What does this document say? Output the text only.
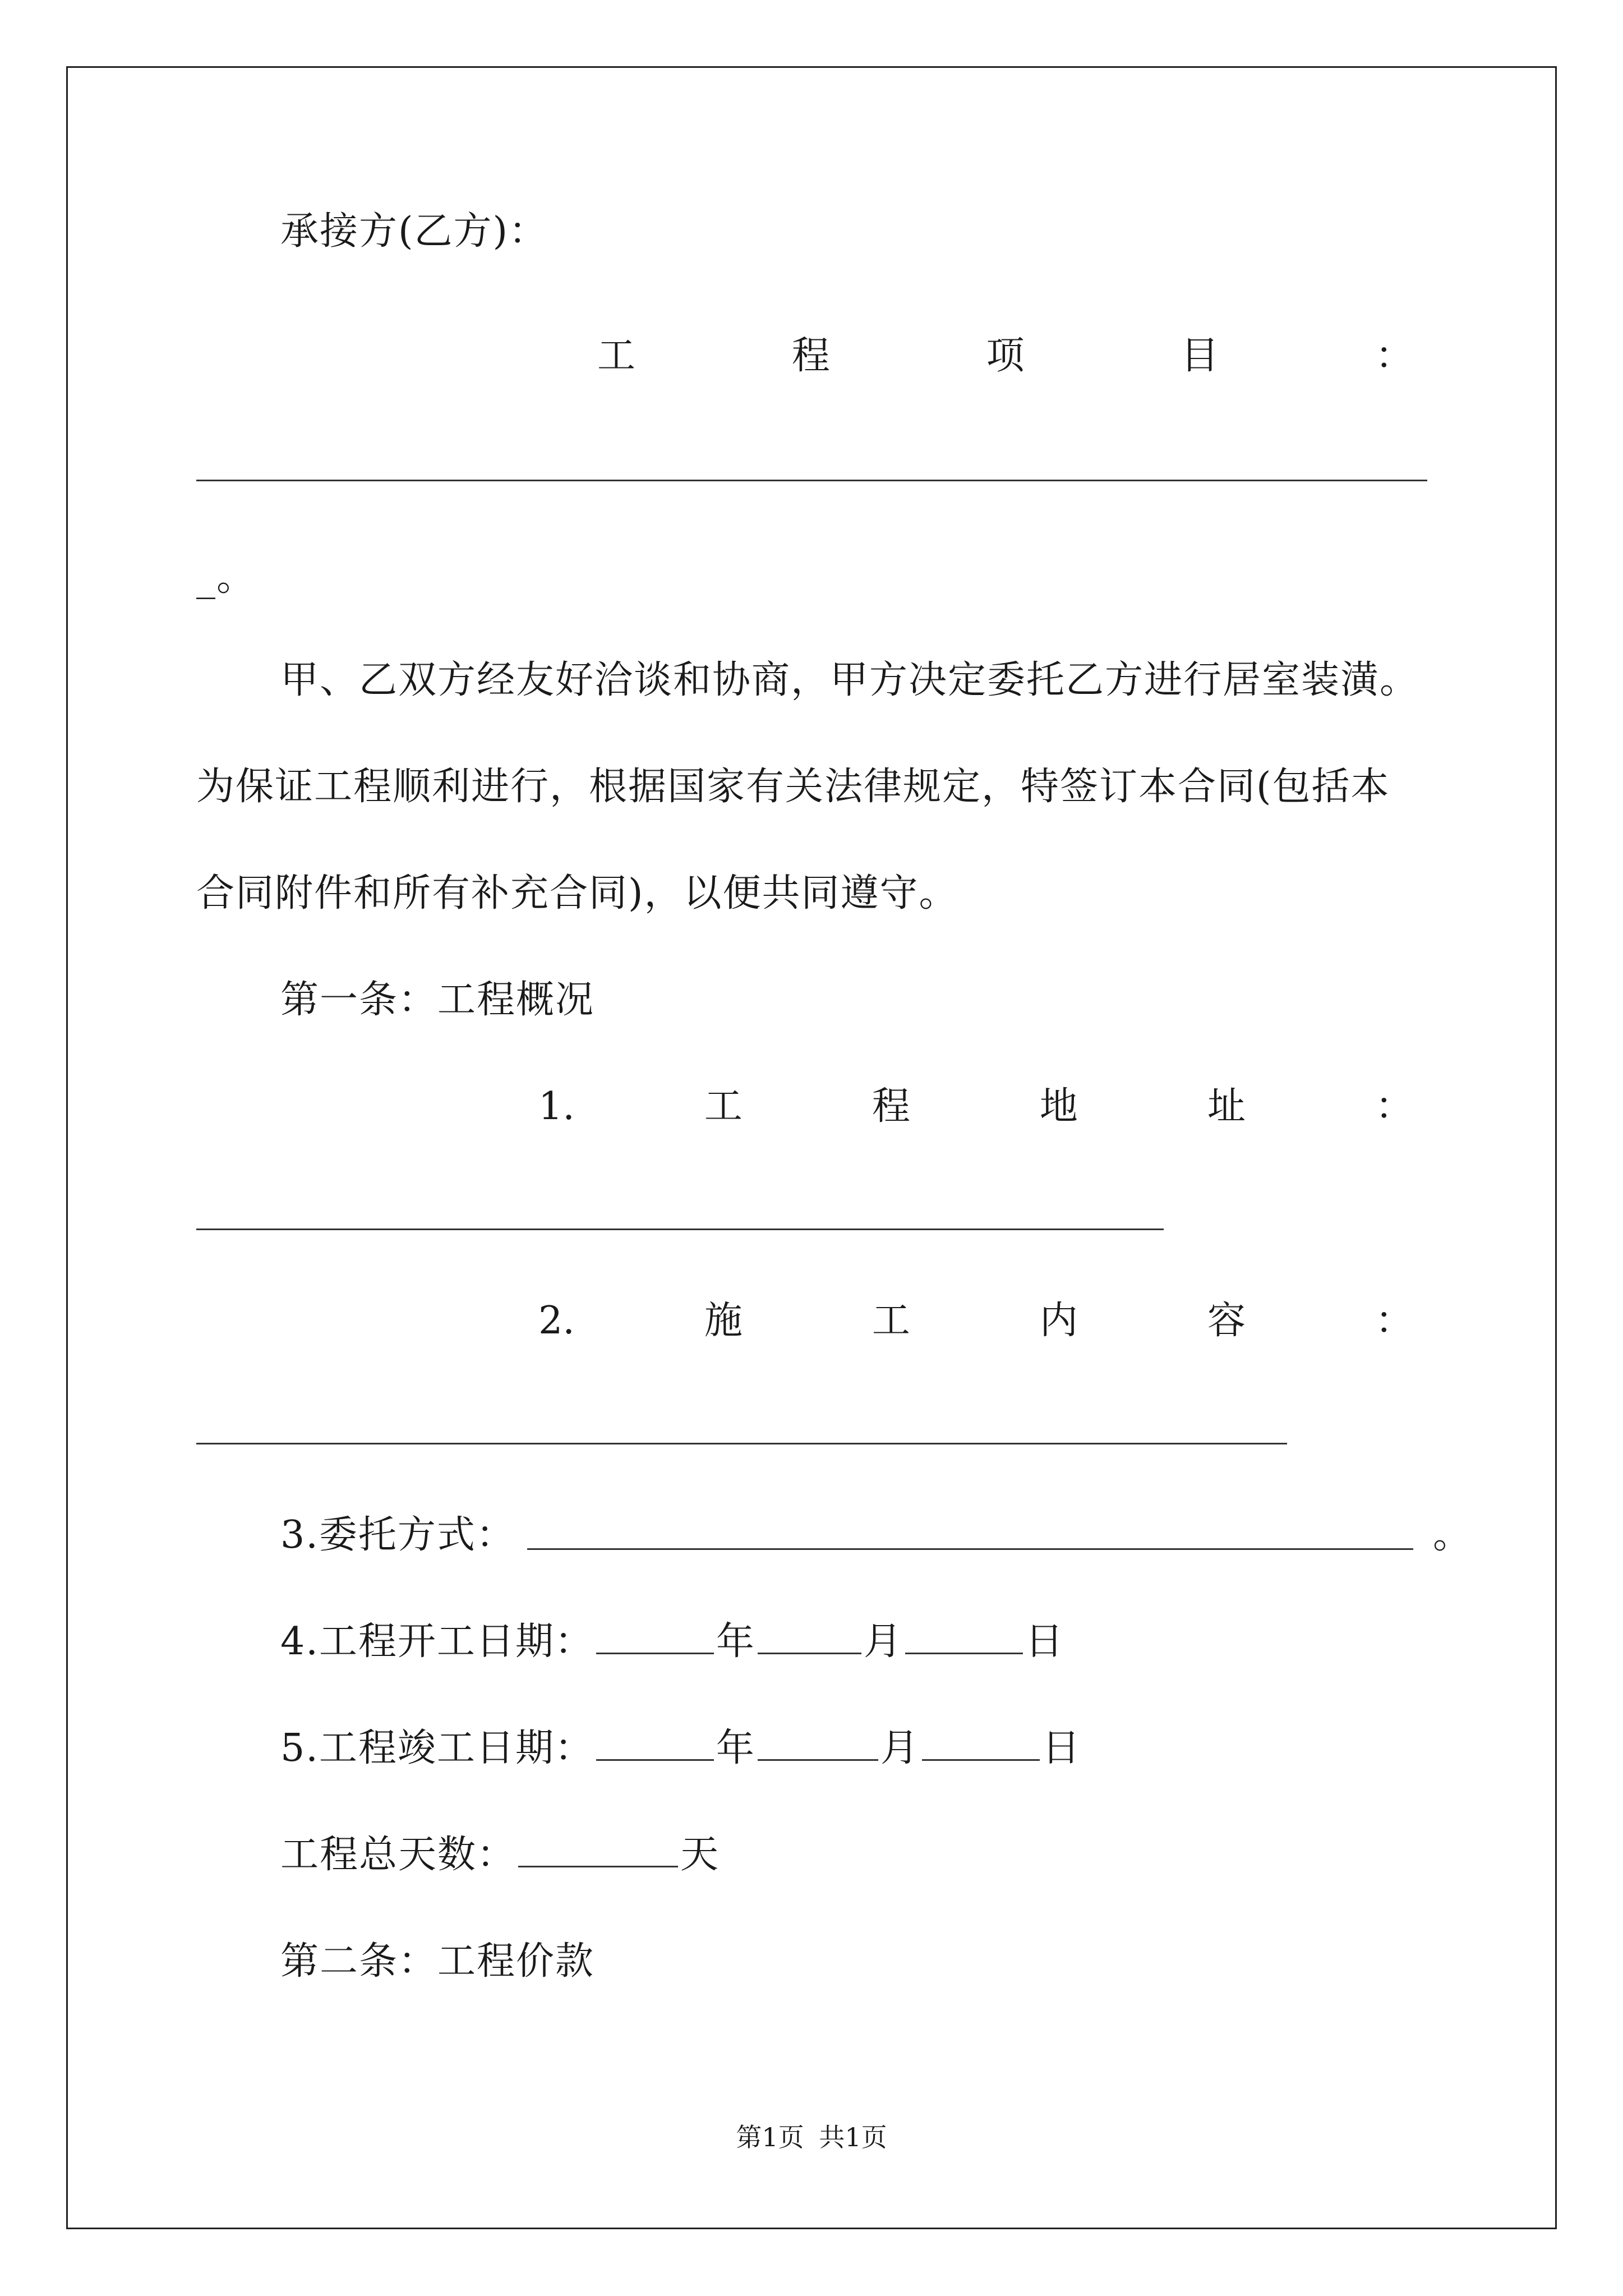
承接方(乙方)：
工	程	项	目	：
_。
甲、乙双方经友好洽谈和协商，甲方决定委托乙方进行居室装潢。
为保证工程顺利进行，根据国家有关法律规定，特签订本合同(包括本
合同附件和所有补充合同)，以便共同遵守。
第一条：工程概况
1.	工	程	地	址	：
2.	施	工	内	容	：
3.委托方式：	。
4.工程开工日期：	年	月	日
5.工程竣工日期：	年	月	日
工程总天数：	天
第二条：工程价款
第1页 共1页
